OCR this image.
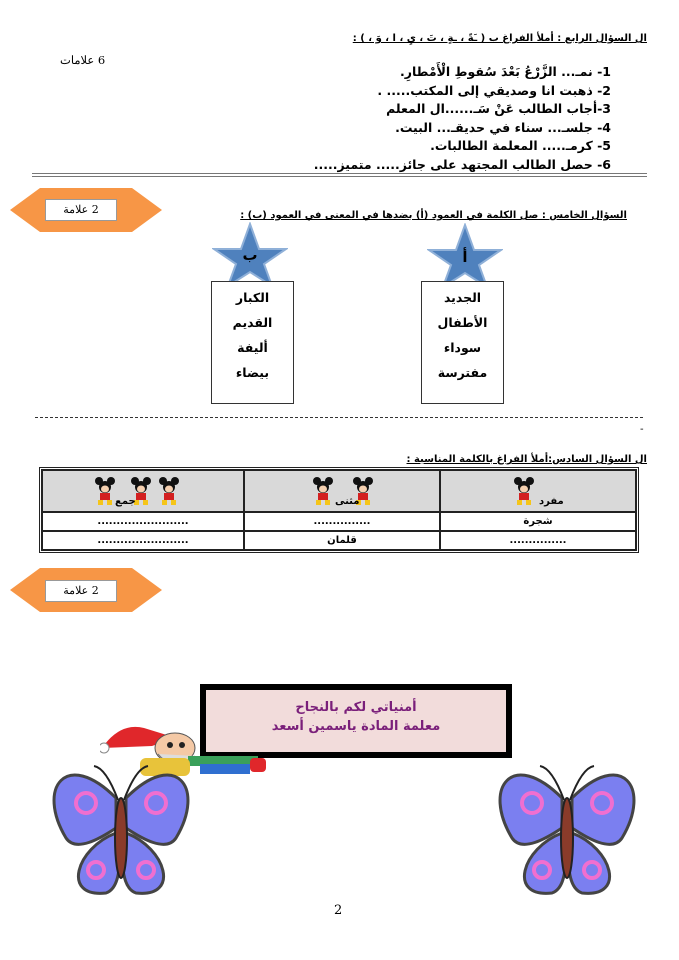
ال السؤال الرابع : أملأ الفراغ ب ( ـَةً ، ـةٍ ، تَ ، يِ ، ا ، وَ ، ) :
6 علامات
1- نمـ... الزَّرْعُ بَعْدَ سُقوطِ الْأَمْطارِ.
2- ذهبت انا وصديقي إلى المكتب..... .
3-أجاب الطالب عَنْ سَـ......ال المعلم
4- جلسـ... سناء في حديقـ... البيت.
5- كرمـ..... المعلمة الطالبات.
6- حصل الطالب المجتهد على جائز..... متميز.....
2 علامة	السؤال الخامس : صل الكلمة في العمود (أ) بضدها في المعنى في العمود (ب) :
ب
الكبار
القديم
أليفة
بيضاء
أ
الجديد
الأطفال
سوداء
مفترسة
-
ال السؤال السادس:أملأ الفراغ بالكلمة المناسبة :
مفرد	مثنى	جمع

شجرة	...............	........................
...............	قلمان	........................
2 علامة
أمنياتي لكم بالنجاح
معلمة المادة ياسمين أسعد
2
